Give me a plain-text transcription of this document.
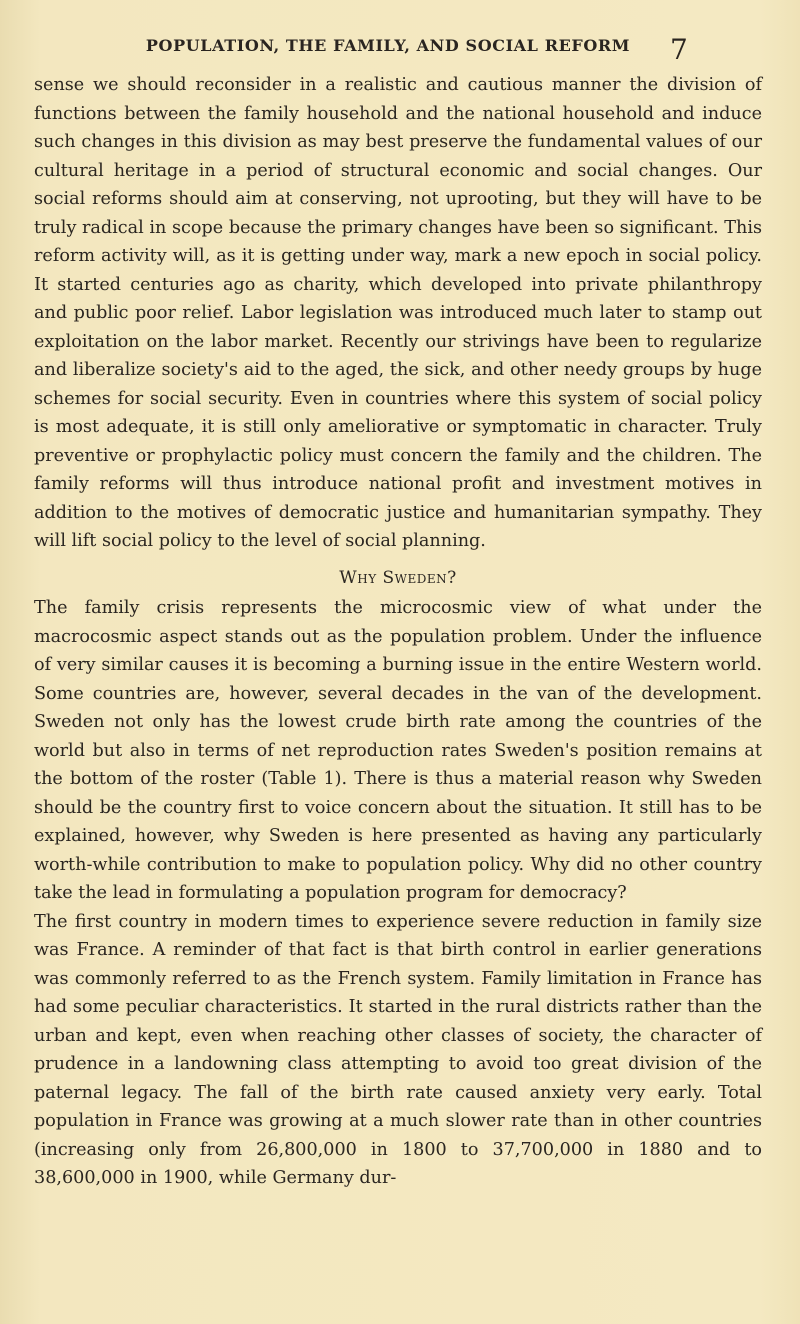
POPULATION, THE FAMILY, AND SOCIAL REFORM	7

sense we should reconsider in a realistic and cautious manner the division of functions between the family household and the national household and induce such changes in this division as may best preserve the fundamental values of our cultural heritage in a period of structural economic and social changes. Our social reforms should aim at conserving, not uprooting, but they will have to be truly radical in scope because the primary changes have been so significant. This reform activity will, as it is getting under way, mark a new epoch in social policy. It started centuries ago as charity, which developed into private philanthropy and public poor relief. Labor legislation was introduced much later to stamp out exploitation on the labor market. Recently our strivings have been to regularize and liberalize society's aid to the aged, the sick, and other needy groups by huge schemes for social security. Even in countries where this system of social policy is most adequate, it is still only ameliorative or symptomatic in character. Truly preventive or prophylactic policy must concern the family and the children. The family reforms will thus introduce national profit and investment motives in addition to the motives of democratic justice and humanitarian sympathy. They will lift social policy to the level of social planning.

Why Sweden?

The family crisis represents the microcosmic view of what under the macrocosmic aspect stands out as the population problem. Under the influence of very similar causes it is becoming a burning issue in the entire Western world. Some countries are, however, several decades in the van of the development. Sweden not only has the lowest crude birth rate among the countries of the world but also in terms of net reproduction rates Sweden's position remains at the bottom of the roster (Table 1). There is thus a material reason why Sweden should be the country first to voice concern about the situation. It still has to be explained, however, why Sweden is here presented as having any particularly worth-while contribution to make to population policy. Why did no other country take the lead in formulating a population program for democracy?

The first country in modern times to experience severe reduction in family size was France. A reminder of that fact is that birth control in earlier generations was commonly referred to as the French system. Family limitation in France has had some peculiar characteristics. It started in the rural districts rather than the urban and kept, even when reaching other classes of society, the character of prudence in a landowning class attempting to avoid too great division of the paternal legacy. The fall of the birth rate caused anxiety very early. Total population in France was growing at a much slower rate than in other countries (increasing only from 26,800,000 in 1800 to 37,700,000 in 1880 and to 38,600,000 in 1900, while Germany dur-
